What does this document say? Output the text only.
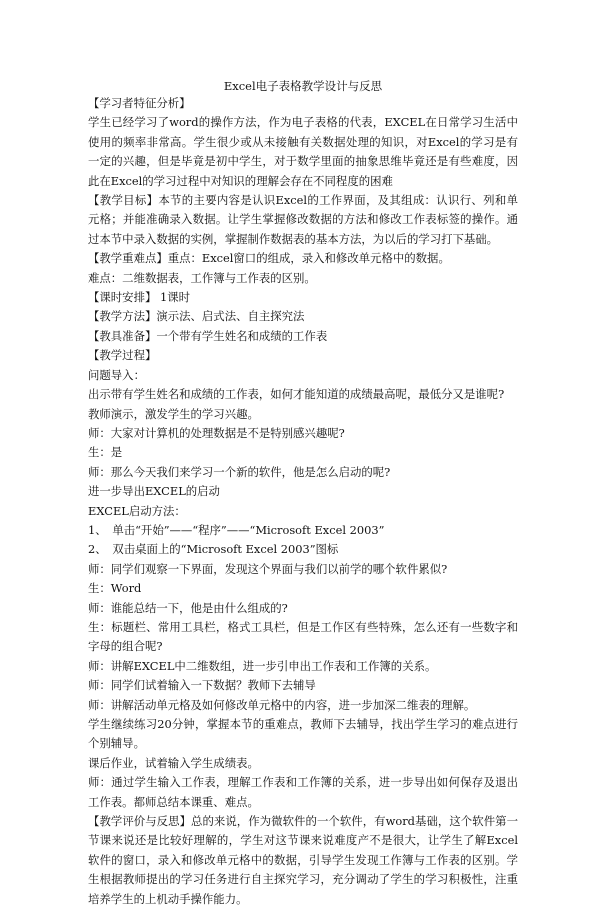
Excel电子表格教学设计与反思

【学习者特征分析】

学生已经学习了word的操作方法，作为电子表格的代表，EXCEL在日常学习生活中使用的频率非常高。学生很少或从未接触有关数据处理的知识，对Excel的学习是有一定的兴趣，但是毕竟是初中学生，对于数学里面的抽象思维毕竟还是有些难度，因此在Excel的学习过程中对知识的理解会存在不同程度的困难

【教学目标】本节的主要内容是认识Excel的工作界面，及其组成：认识行、列和单元格；并能准确录入数据。让学生掌握修改数据的方法和修改工作表标签的操作。通过本节中录入数据的实例，掌握制作数据表的基本方法，为以后的学习打下基础。

【教学重难点】重点：Excel窗口的组成，录入和修改单元格中的数据。

难点：二维数据表，工作簿与工作表的区别。

【课时安排】 1课时

【教学方法】演示法、启式法、自主探究法

【教具准备】一个带有学生姓名和成绩的工作表

【教学过程】

问题导入：

出示带有学生姓名和成绩的工作表，如何才能知道的成绩最高呢，最低分又是谁呢?

教师演示，激发学生的学习兴趣。

师：大家对计算机的处理数据是不是特别感兴趣呢?

生：是

师：那么今天我们来学习一个新的软件，他是怎么启动的呢?

进一步导出EXCEL的启动

EXCEL启动方法：

1、　单击“开始”——“程序”——“Microsoft Excel 2003”

2、　双击桌面上的“Microsoft Excel 2003”图标

师：同学们观察一下界面，发现这个界面与我们以前学的哪个软件累似?

生：Word

师：谁能总结一下，他是由什么组成的?

生：标题栏、常用工具栏，格式工具栏，但是工作区有些特殊，怎么还有一些数字和字母的组合呢?

师：讲解EXCEL中二维数组，进一步引申出工作表和工作簿的关系。

师：同学们试着输入一下数据？教师下去辅导

师：讲解活动单元格及如何修改单元格中的内容，进一步加深二维表的理解。

学生继续练习20分钟，掌握本节的重难点，教师下去辅导，找出学生学习的难点进行个别辅导。

课后作业，试着输入学生成绩表。

师：通过学生输入工作表，理解工作表和工作簿的关系，进一步导出如何保存及退出工作表。都师总结本课重、难点。

【教学评价与反思】总的来说，作为微软件的一个软件，有word基础，这个软件第一节课来说还是比较好理解的，学生对这节课来说难度产不是很大，让学生了解Excel软件的窗口，录入和修改单元格中的数据，引导学生发现工作簿与工作表的区别。学生根据教师提出的学习任务进行自主探究学习，充分调动了学生的学习积极性，注重培养学生的上机动手操作能力。
